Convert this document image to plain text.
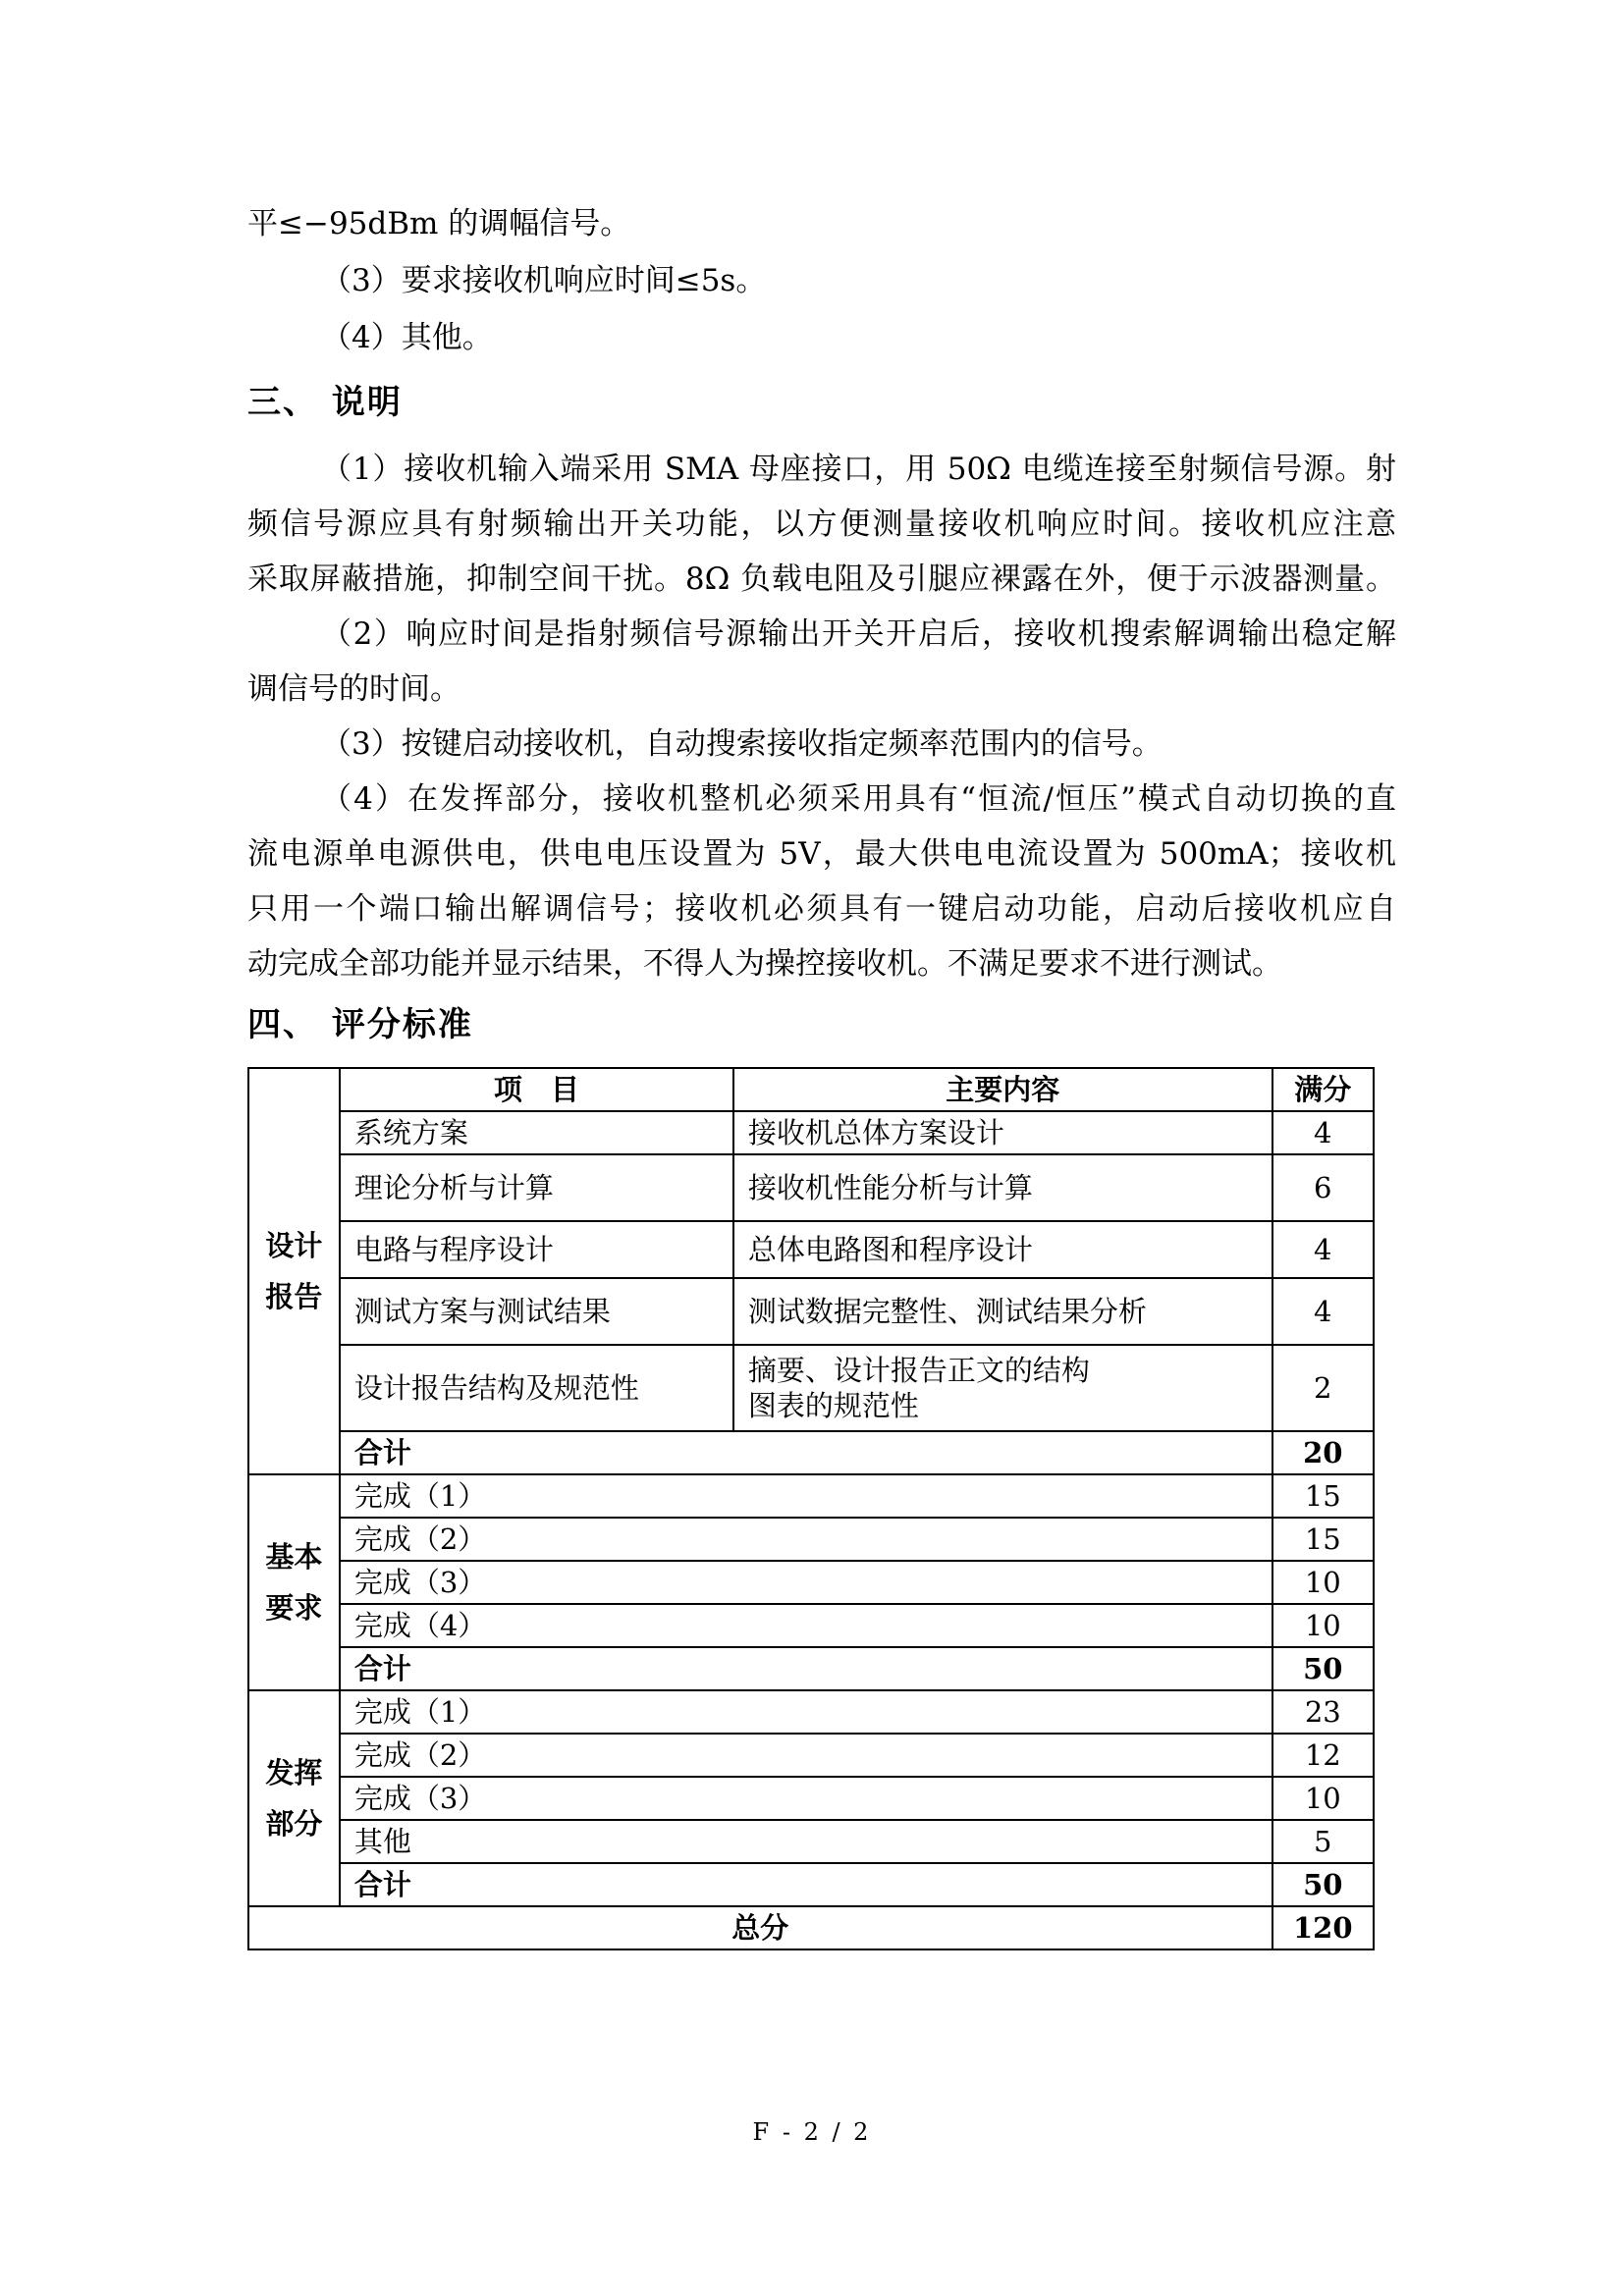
平≤−95dBm 的调幅信号。
（3）要求接收机响应时间≤5s。
（4）其他。
三、 说明
（1）接收机输入端采用 SMA 母座接口，用 50Ω 电缆连接至射频信号源。射
频信号源应具有射频输出开关功能，以方便测量接收机响应时间。接收机应注意
采取屏蔽措施，抑制空间干扰。8Ω 负载电阻及引腿应裸露在外，便于示波器测量。
（2）响应时间是指射频信号源输出开关开启后，接收机搜索解调输出稳定解
调信号的时间。
（3）按键启动接收机，自动搜索接收指定频率范围内的信号。
（4）在发挥部分，接收机整机必须采用具有“恒流/恒压”模式自动切换的直
流电源单电源供电，供电电压设置为 5V，最大供电电流设置为 500mA；接收机
只用一个端口输出解调信号；接收机必须具有一键启动功能，启动后接收机应自
动完成全部功能并显示结果，不得人为操控接收机。不满足要求不进行测试。
四、 评分标准
设计
报告	项　目	主要内容	满分
	系统方案	接收机总体方案设计	4
	理论分析与计算	接收机性能分析与计算	6
	电路与程序设计	总体电路图和程序设计	4
	测试方案与测试结果	测试数据完整性、测试结果分析	4
	设计报告结构及规范性	摘要、设计报告正文的结构
图表的规范性	2
	合计		20
基本
要求	完成（1）		15
	完成（2）		15
	完成（3）		10
	完成（4）		10
	合计		50
发挥
部分	完成（1）		23
	完成（2）		12
	完成（3）		10
	其他		5
	合计		50
总分			120
F - 2 / 2
